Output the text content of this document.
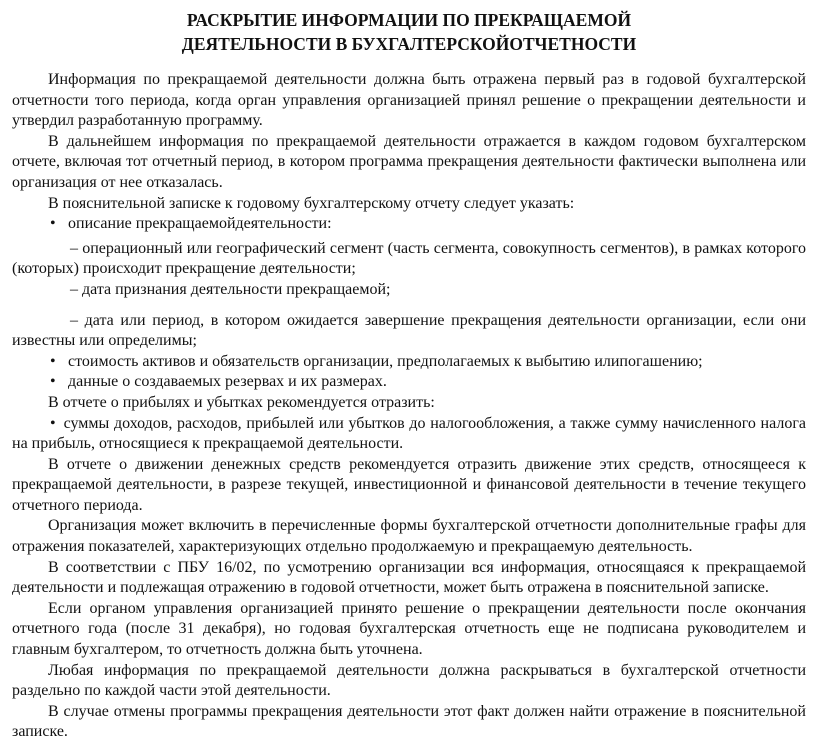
РАСКРЫТИЕ ИНФОРМАЦИИ ПО ПРЕКРАЩАЕМОЙ
ДЕЯТЕЛЬНОСТИ В БУХГАЛТЕРСКОЙОТЧЕТНОСТИ

Информация по прекращаемой деятельности должна быть отражена первый раз в годовой бухгалтерской отчетности того периода, когда орган управления организацией принял решение о прекращении деятельности и утвердил разработанную программу.

В дальнейшем информация по прекращаемой деятельности отражается в каждом годовом бухгалтерском отчете, включая тот отчетный период, в котором программа прекращения деятельности фактически выполнена или организация от нее отказалась.

В пояснительной записке к годовому бухгалтерскому отчету следует указать:

• описание прекращаемойдеятельности:

– операционный или географический сегмент (часть сегмента, совокупность сегментов), в рамках которого (которых) происходит прекращение деятельности;

– дата признания деятельности прекращаемой;

– дата или период, в котором ожидается завершение прекращения деятельности организации, если они известны или определимы;

• стоимость активов и обязательств организации, предполагаемых к выбытию илипогашению;

• данные о создаваемых резервах и их размерах.

В отчете о прибылях и убытках рекомендуется отразить:

• суммы доходов, расходов, прибылей или убытков до налогообложения, а также сумму начисленного налога на прибыль, относящиеся к прекращаемой деятельности.

В отчете о движении денежных средств рекомендуется отразить движение этих средств, относящееся к прекращаемой деятельности, в разрезе текущей, инвестиционной и финансовой деятельности в течение текущего отчетного периода.

Организация может включить в перечисленные формы бухгалтерской отчетности дополнительные графы для отражения показателей, характеризующих отдельно продолжаемую и прекращаемую деятельность.

В соответствии с ПБУ 16/02, по усмотрению организации вся информация, относящаяся к прекращаемой деятельности и подлежащая отражению в годовой отчетности, может быть отражена в пояснительной записке.

Если органом управления организацией принято решение о прекращении деятельности после окончания отчетного года (после 31 декабря), но годовая бухгалтерская отчетность еще не подписана руководителем и главным бухгалтером, то отчетность должна быть уточнена.

Любая информация по прекращаемой деятельности должна раскрываться в бухгалтерской отчетности раздельно по каждой части этой деятельности.

В случае отмены программы прекращения деятельности этот факт должен найти отражение в пояснительной записке.
